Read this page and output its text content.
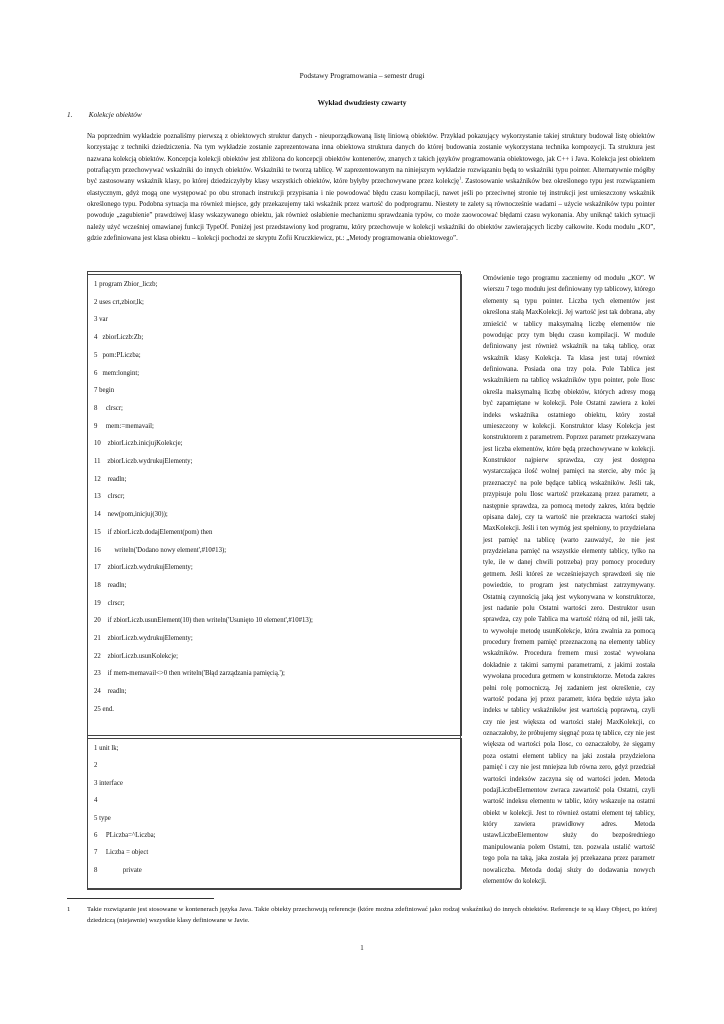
Podstawy Programowania – semestr drugi
Wykład dwudziesty czwarty
1. Kolekcje obiektów

Na poprzednim wykładzie poznaliśmy pierwszą z obiektowych struktur danych - nieuporządkowaną listę liniową obiektów. Przykład pokazujący wykorzystanie takiej struktury budował listę obiektów korzystając z techniki dziedziczenia. Na tym wykładzie zostanie zaprezentowana inna obiektowa struktura danych do której budowania zostanie wykorzystana technika kompozycji. Ta struktura jest nazwana kolekcją obiektów. Koncepcja kolekcji obiektów jest zbliżona do koncepcji obiektów kontenerów, znanych z takich języków programowania obiektowego, jak C++ i Java. Kolekcja jest obiektem potrafiącym przechowywać wskaźniki do innych obiektów. Wskaźniki te tworzą tablicę. W zaprezentowanym na niniejszym wykładzie rozwiązaniu będą to wskaźniki typu pointer. Alternatywnie mógłby być zastosowany wskaźnik klasy, po której dziedziczyłyby klasy wszystkich obiektów, które byłyby przechowywane przez kolekcję$^1$. Zastosowanie wskaźników bez określonego typu jest rozwiązaniem elastycznym, gdyż mogą one występować po obu stronach instrukcji przypisania i nie powodować błędu czasu kompilacji, nawet jeśli po przeciwnej stronie tej instrukcji jest umieszczony wskaźnik określonego typu. Podobna sytuacja ma również miejsce, gdy przekazujemy taki wskaźnik przez wartość do podprogramu. Niestety te zalety są równocześnie wadami – użycie wskaźników typu pointer powoduje „zagubienie” prawdziwej klasy wskazywanego obiektu, jak również osłabienie mechanizmu sprawdzania typów, co może zaowocować błędami czasu wykonania. Aby uniknąć takich sytuacji należy użyć wcześniej omawianej funkcji TypeOf. Poniżej jest przedstawiony kod programu, który przechowuje w kolekcji wskaźniki do obiektów zawierających liczby całkowite. Kodu modułu „KO”, gdzie zdefiniowana jest klasa obiektu – kolekcji pochodzi ze skryptu Zofii Kruczkiewicz, pt.: „Metody programowania obiektowego”.

1 program Zbior_liczb;
2 uses crt,zbior,lk;
3 var
4   zbiorLiczb:Zb;
5   pom:PLiczba;
6   mem:longint;
7 begin
8     clrscr;
9     mem:=memavail;
10    zbiorLiczb.inicjujKolekcje;
11    zbiorLiczb.wydrukujElementy;
12    readln;
13    clrscr;
14    new(pom,inicjuj(30));
15    if zbiorLiczb.dodajElement(pom) then
16        writeln('Dodano nowy element',#10#13);
17    zbiorLiczb.wydrukujElementy;
18    readln;
19    clrscr;
20    if zbiorLiczb.usunElement(10) then writeln('Usunięto 10 element',#10#13);
21    zbiorLiczb.wydrukujElementy;
22    zbiorLiczb.usunKolekcje;
23    if mem-memavail<>0 then writeln('Błąd zarządzania pamięcią.');
24    readln;
25 end.
1 unit lk;
2
3 interface
4
5 type
6     PLiczba=^Liczba;
7     Liczba = object
8               private

Omówienie tego programu zaczniemy od modułu „KO”. W wierszu 7 tego modułu jest definiowany typ tablicowy, którego elementy są typu pointer. Liczba tych elementów jest określona stałą MaxKolekcji. Jej wartość jest tak dobrana, aby zmieścić w tablicy maksymalną liczbę elementów nie powodując przy tym błędu czasu kompilacji. W module definiowany jest również wskaźnik na taką tablicę, oraz wskaźnik klasy Kolekcja. Ta klasa jest tutaj również definiowana. Posiada ona trzy pola. Pole Tablica jest wskaźnikiem na tablicę wskaźników typu pointer, pole Ilosc określa maksymalną liczbę obiektów, których adresy mogą być zapamiętane w kolekcji. Pole Ostatni zawiera z kolei indeks wskaźnika ostatniego obiektu, który został umieszczony w kolekcji. Konstruktor klasy Kolekcja jest konstruktorem z parametrem. Poprzez parametr przekazywana jest liczba elementów, które będą przechowywane w kolekcji. Konstruktor najpierw sprawdza, czy jest dostępna wystarczająca ilość wolnej pamięci na stercie, aby móc ją przeznaczyć na pole będące tablicą wskaźników. Jeśli tak, przypisuje polu Ilosc wartość przekazaną przez parametr, a następnie sprawdza, za pomocą metody zakres, która będzie opisana dalej, czy ta wartość nie przekracza wartości stałej MaxKolekcji. Jeśli i ten wymóg jest spełniony, to przydzielana jest pamięć na tablicę (warto zauważyć, że nie jest przydzielana pamięć na wszystkie elementy tablicy, tylko na tyle, ile w danej chwili potrzeba) przy pomocy procedury getmem. Jeśli któreś ze wcześniejszych sprawdzeń się nie powiedzie, to program jest natychmiast zatrzymywany. Ostatnią czynnością jaką jest wykonywana w konstruktorze, jest nadanie polu Ostatni wartości zero. Destruktor usun sprawdza, czy pole Tablica ma wartość różną od nil, jeśli tak, to wywołuje metodę usunKolekcje, która zwalnia za pomocą procedury fremem pamięć przeznaczoną na elementy tablicy wskaźników. Procedura fremem musi zostać wywołana dokładnie z takimi samymi parametrami, z jakimi została wywołana procedura getmem w konstruktorze. Metoda zakres pełni rolę pomocniczą. Jej zadaniem jest określenie, czy wartość podana jej przez parametr, która będzie użyta jako indeks w tablicy wskaźników jest wartością poprawną, czyli czy nie jest większa od wartości stałej MaxKolekcji, co oznaczałoby, że próbujemy sięgnąć poza tę tablice, czy nie jest większa od wartości pola Ilosc, co oznaczałoby, że sięgamy poza ostatni element tablicy na jaki została przydzielona pamięć i czy nie jest mniejsza lub równa zero, gdyż przedział wartości indeksów zaczyna się od wartości jeden. Metoda podajLiczbeElementow zwraca zawartość pola Ostatni, czyli wartość indeksu elementu w tablic, który wskazuje na ostatni obiekt w kolekcji. Jest to również ostatni element tej tablicy, który zawiera prawidłowy adres. Metoda ustawLiczbeElementow służy do bezpośredniego manipulowania polem Ostatni, tzn. pozwala ustalić wartość tego pola na taką, jaka została jej przekazana przez parametr nowaliczba. Metoda dodaj służy do dodawania nowych elementów do kolekcji.

1 Takie rozwiązanie jest stosowane w kontenerach języka Java. Takie obiekty przechowują referencje (które można zdefiniować jako rodzaj wskaźnika) do innych obiektów. Referencje te są klasy Object, po której dziedziczą (niejawnie) wszystkie klasy definiowane w Javie.
1
